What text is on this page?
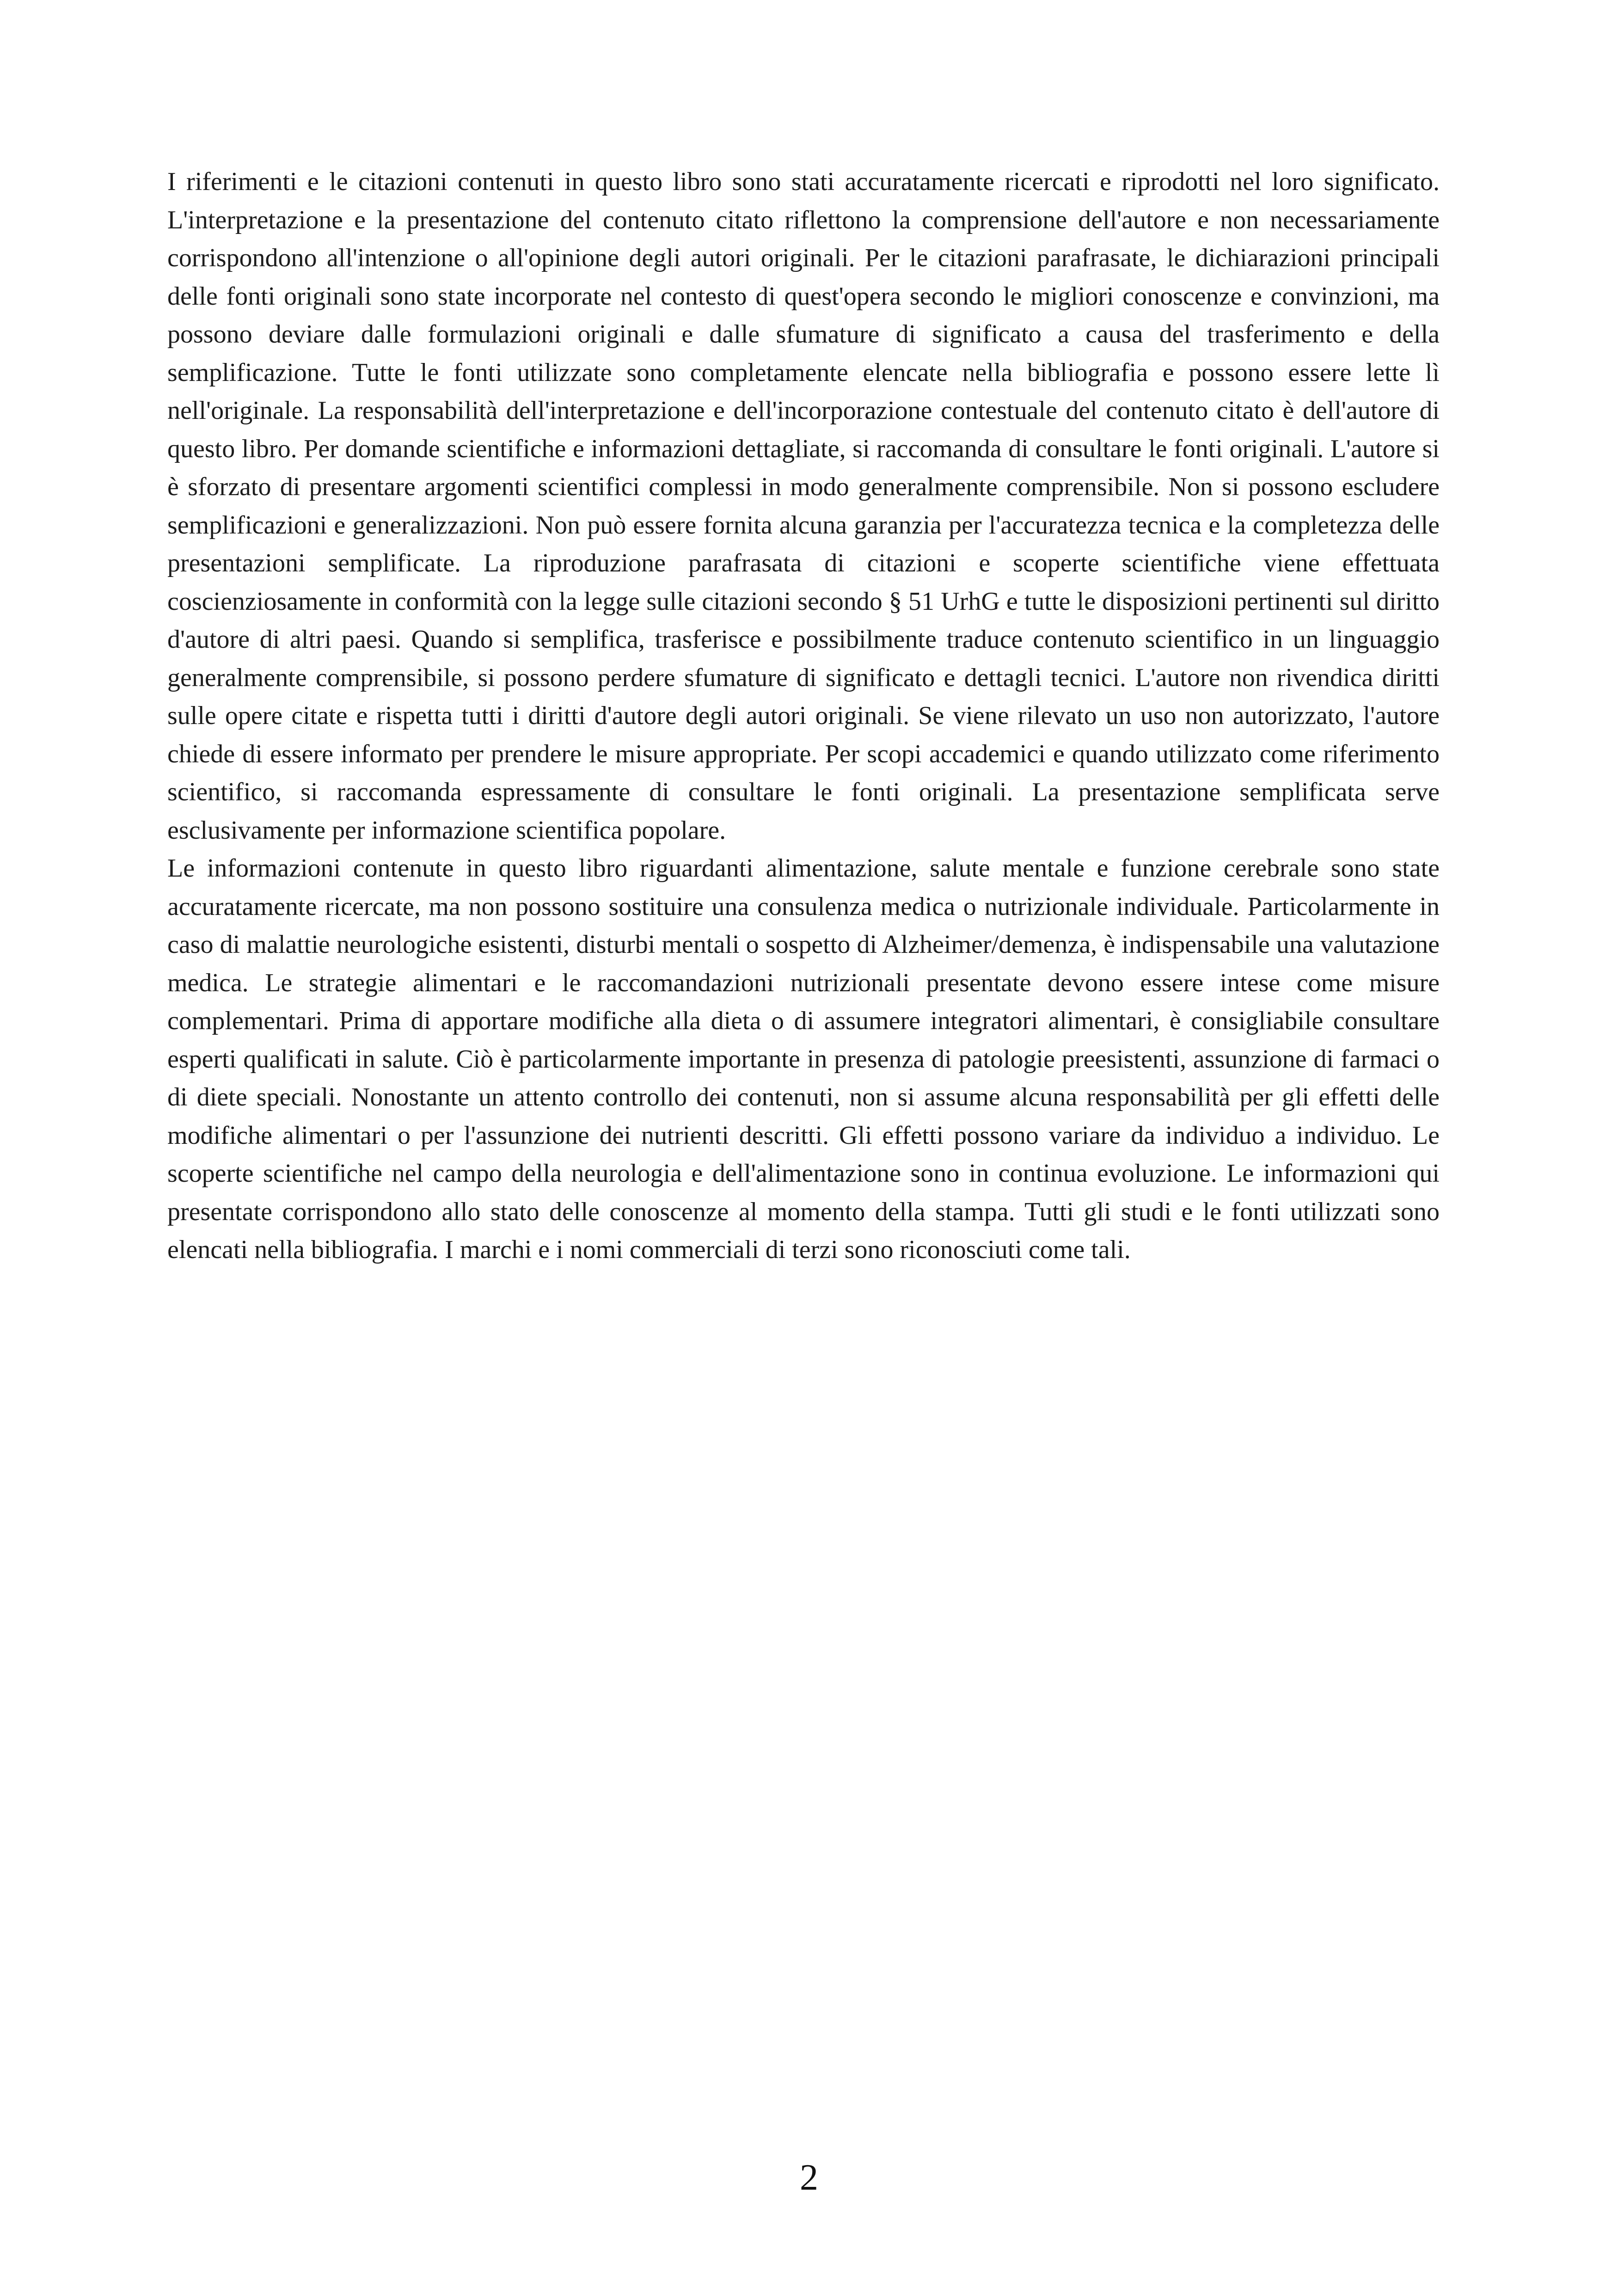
I riferimenti e le citazioni contenuti in questo libro sono stati accuratamente ricercati e riprodotti nel loro significato. L'interpretazione e la presentazione del contenuto citato riflettono la comprensione dell'autore e non necessariamente corrispondono all'intenzione o all'opinione degli autori originali. Per le citazioni parafrasate, le dichiarazioni principali delle fonti originali sono state incorporate nel contesto di quest'opera secondo le migliori conoscenze e convinzioni, ma possono deviare dalle formulazioni originali e dalle sfumature di significato a causa del trasferimento e della semplificazione. Tutte le fonti utilizzate sono completamente elencate nella bibliografia e possono essere lette lì nell'originale. La responsabilità dell'interpretazione e dell'incorporazione contestuale del contenuto citato è dell'autore di questo libro. Per domande scientifiche e informazioni dettagliate, si raccomanda di consultare le fonti originali. L'autore si è sforzato di presentare argomenti scientifici complessi in modo generalmente comprensibile. Non si possono escludere semplificazioni e generalizzazioni. Non può essere fornita alcuna garanzia per l'accuratezza tecnica e la completezza delle presentazioni semplificate. La riproduzione parafrasata di citazioni e scoperte scientifiche viene effettuata coscienziosamente in conformità con la legge sulle citazioni secondo § 51 UrhG e tutte le disposizioni pertinenti sul diritto d'autore di altri paesi. Quando si semplifica, trasferisce e possibilmente traduce contenuto scientifico in un linguaggio generalmente comprensibile, si possono perdere sfumature di significato e dettagli tecnici. L'autore non rivendica diritti sulle opere citate e rispetta tutti i diritti d'autore degli autori originali. Se viene rilevato un uso non autorizzato, l'autore chiede di essere informato per prendere le misure appropriate. Per scopi accademici e quando utilizzato come riferimento scientifico, si raccomanda espressamente di consultare le fonti originali. La presentazione semplificata serve esclusivamente per informazione scientifica popolare.

Le informazioni contenute in questo libro riguardanti alimentazione, salute mentale e funzione cerebrale sono state accuratamente ricercate, ma non possono sostituire una consulenza medica o nutrizionale individuale. Particolarmente in caso di malattie neurologiche esistenti, disturbi mentali o sospetto di Alzheimer/demenza, è indispensabile una valutazione medica. Le strategie alimentari e le raccomandazioni nutrizionali presentate devono essere intese come misure complementari. Prima di apportare modifiche alla dieta o di assumere integratori alimentari, è consigliabile consultare esperti qualificati in salute. Ciò è particolarmente importante in presenza di patologie preesistenti, assunzione di farmaci o di diete speciali. Nonostante un attento controllo dei contenuti, non si assume alcuna responsabilità per gli effetti delle modifiche alimentari o per l'assunzione dei nutrienti descritti. Gli effetti possono variare da individuo a individuo. Le scoperte scientifiche nel campo della neurologia e dell'alimentazione sono in continua evoluzione. Le informazioni qui presentate corrispondono allo stato delle conoscenze al momento della stampa. Tutti gli studi e le fonti utilizzati sono elencati nella bibliografia. I marchi e i nomi commerciali di terzi sono riconosciuti come tali.

2
